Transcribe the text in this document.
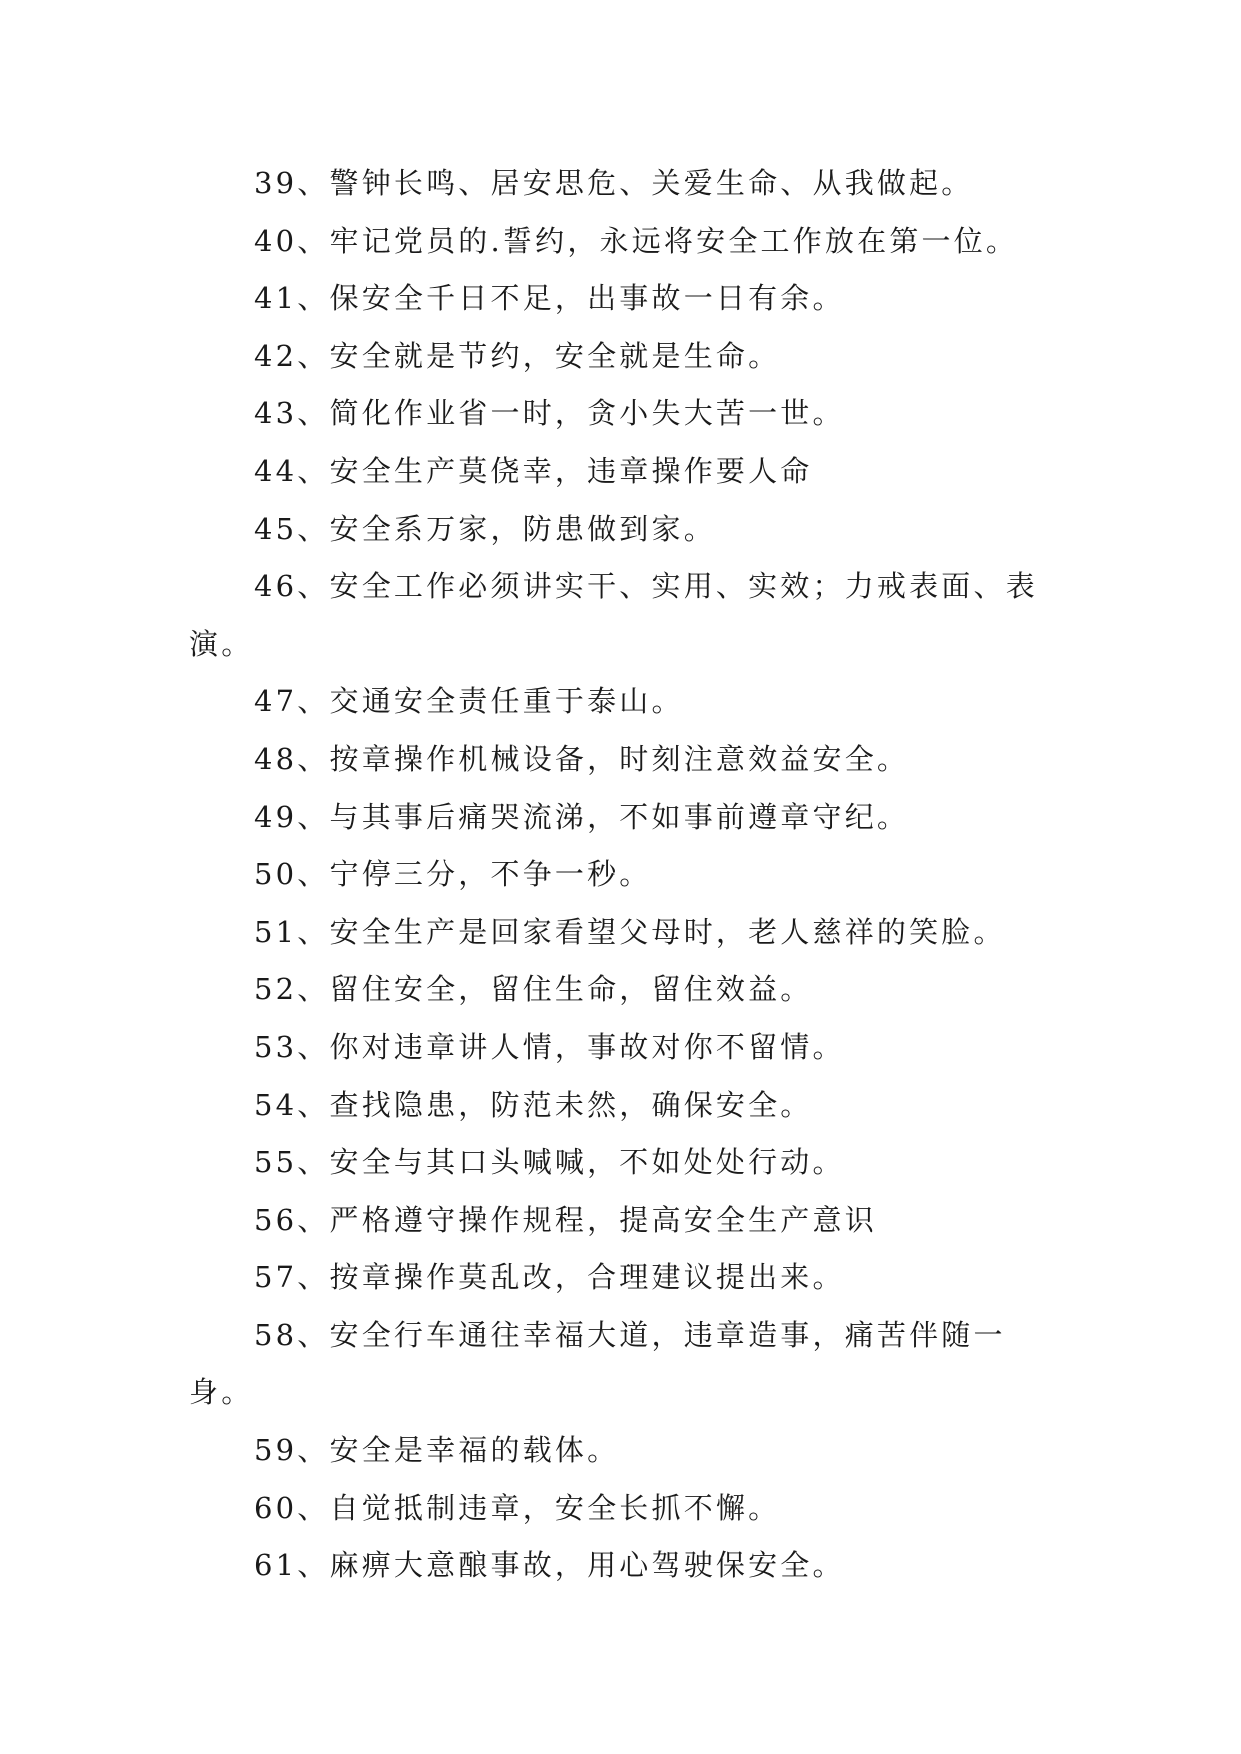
39、警钟长鸣、居安思危、关爱生命、从我做起。

40、牢记党员的.誓约，永远将安全工作放在第一位。

41、保安全千日不足，出事故一日有余。

42、安全就是节约，安全就是生命。

43、简化作业省一时，贪小失大苦一世。

44、安全生产莫侥幸，违章操作要人命

45、安全系万家，防患做到家。

46、安全工作必须讲实干、实用、实效；力戒表面、表演。

47、交通安全责任重于泰山。

48、按章操作机械设备，时刻注意效益安全。

49、与其事后痛哭流涕，不如事前遵章守纪。

50、宁停三分，不争一秒。

51、安全生产是回家看望父母时，老人慈祥的笑脸。

52、留住安全，留住生命，留住效益。

53、你对违章讲人情，事故对你不留情。

54、查找隐患，防范未然，确保安全。

55、安全与其口头喊喊，不如处处行动。

56、严格遵守操作规程，提高安全生产意识

57、按章操作莫乱改，合理建议提出来。

58、安全行车通往幸福大道，违章造事，痛苦伴随一身。

59、安全是幸福的载体。

60、自觉抵制违章，安全长抓不懈。

61、麻痹大意酿事故，用心驾驶保安全。
